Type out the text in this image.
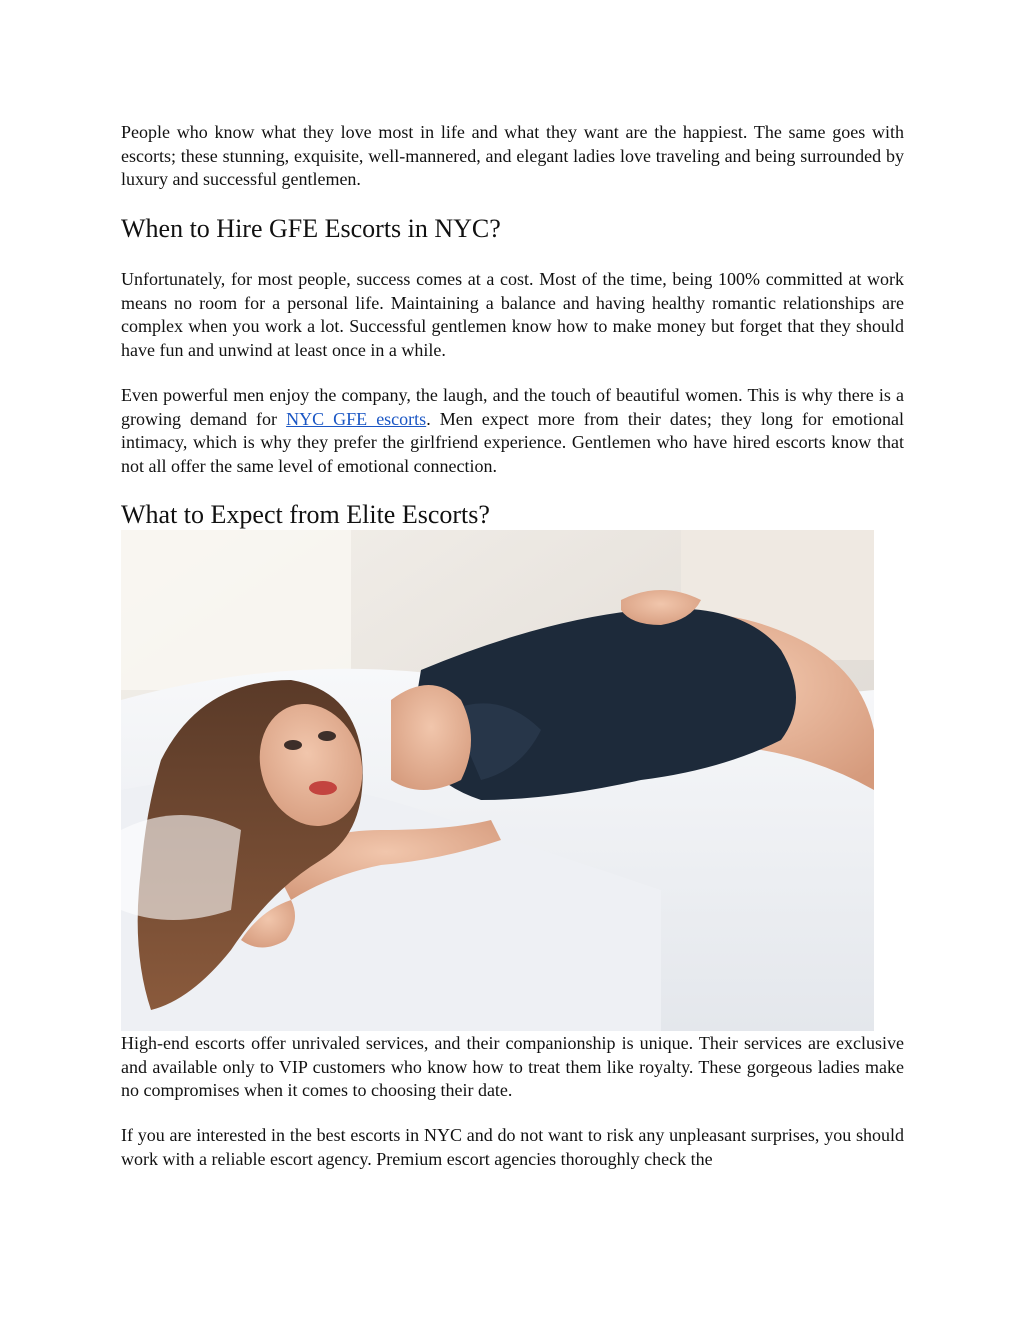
People who know what they love most in life and what they want are the happiest. The same goes with escorts; these stunning, exquisite, well-mannered, and elegant ladies love traveling and being surrounded by luxury and successful gentlemen.

When to Hire GFE Escorts in NYC?

Unfortunately, for most people, success comes at a cost. Most of the time, being 100% committed at work means no room for a personal life. Maintaining a balance and having healthy romantic relationships are complex when you work a lot. Successful gentlemen know how to make money but forget that they should have fun and unwind at least once in a while.

Even powerful men enjoy the company, the laugh, and the touch of beautiful women. This is why there is a growing demand for NYC GFE escorts. Men expect more from their dates; they long for emotional intimacy, which is why they prefer the girlfriend experience. Gentlemen who have hired escorts know that not all offer the same level of emotional connection.

What to Expect from Elite Escorts?

High-end escorts offer unrivaled services, and their companionship is unique. Their services are exclusive and available only to VIP customers who know how to treat them like royalty. These gorgeous ladies make no compromises when it comes to choosing their date.

If you are interested in the best escorts in NYC and do not want to risk any unpleasant surprises, you should work with a reliable escort agency. Premium escort agencies thoroughly check the
